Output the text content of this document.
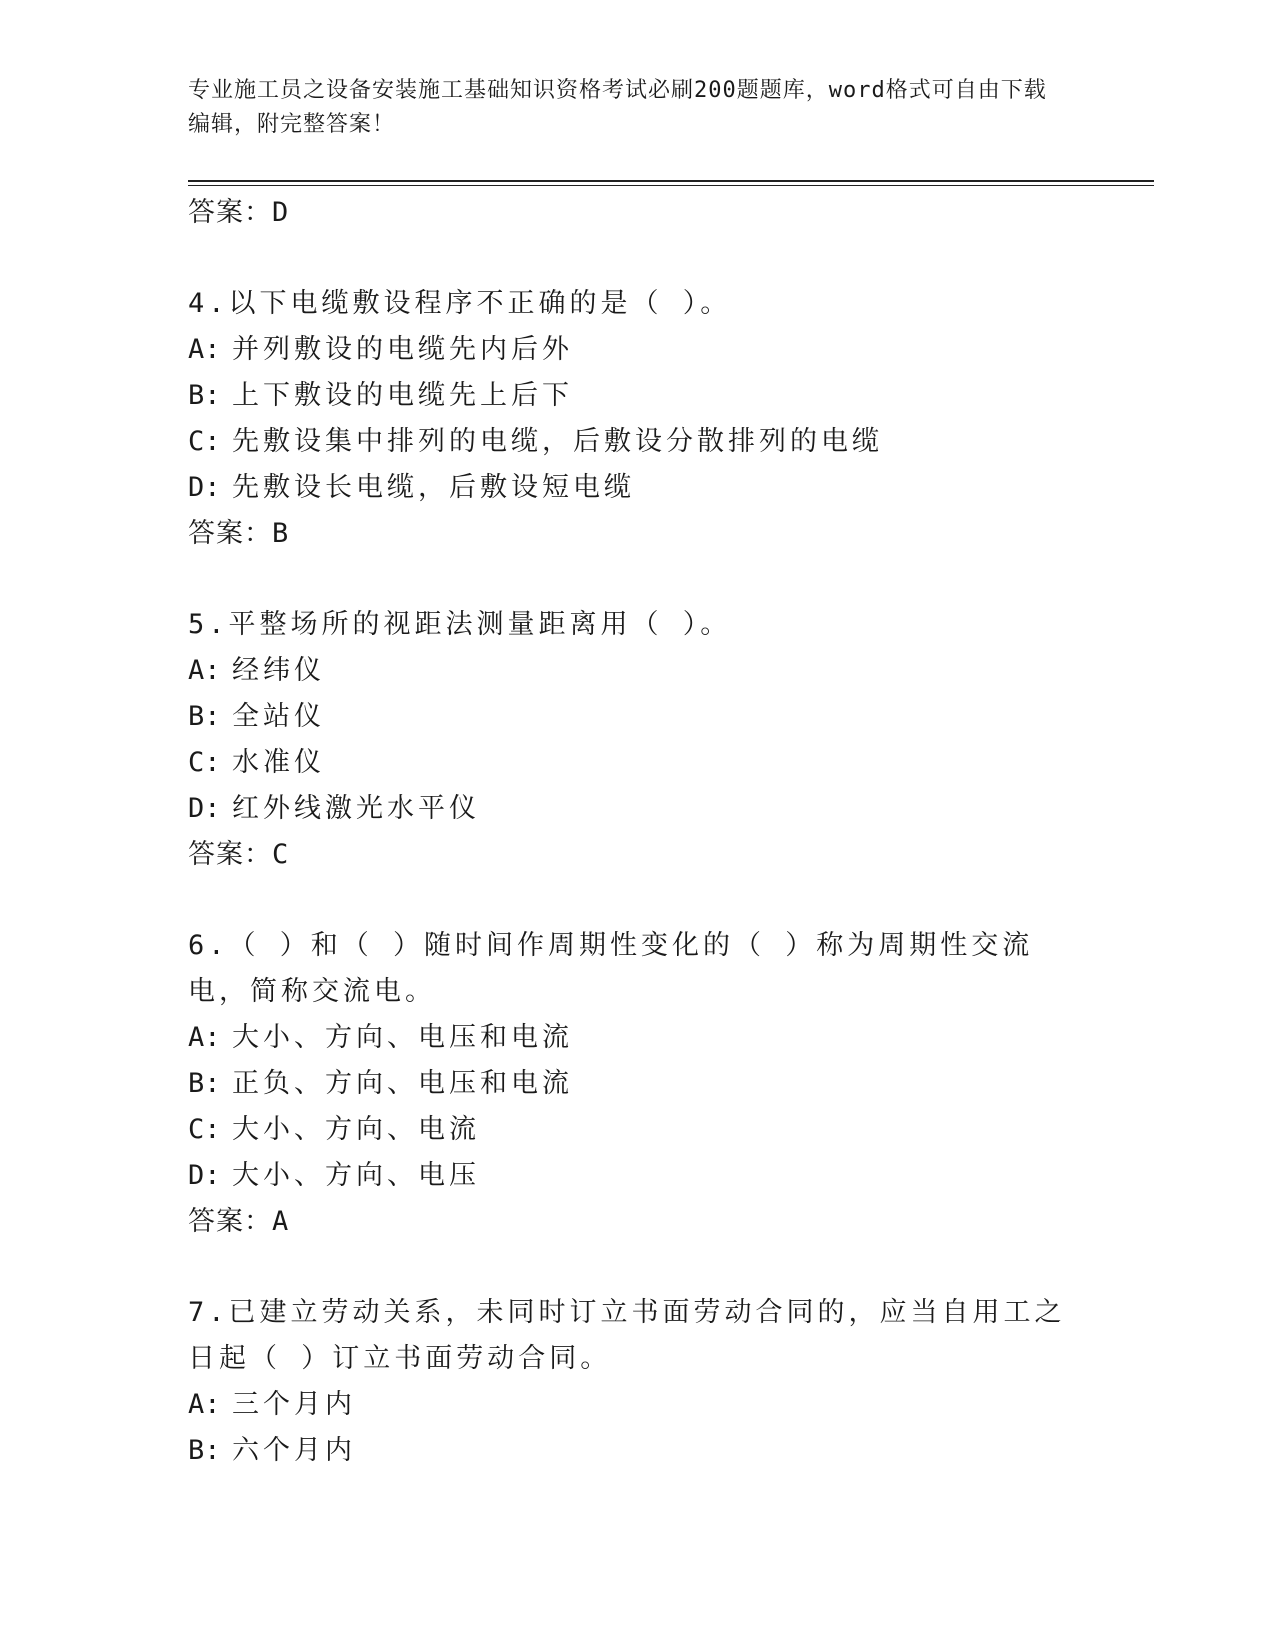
专业施工员之设备安装施工基础知识资格考试必刷200题题库，word格式可自由下载编辑，附完整答案！
答案：D
4.以下电缆敷设程序不正确的是（ ）。
A: 并列敷设的电缆先内后外
B: 上下敷设的电缆先上后下
C: 先敷设集中排列的电缆，后敷设分散排列的电缆
D: 先敷设长电缆，后敷设短电缆
答案：B
5.平整场所的视距法测量距离用（ ）。
A: 经纬仪
B: 全站仪
C: 水准仪
D: 红外线激光水平仪
答案：C
6.（ ）和（ ）随时间作周期性变化的（ ）称为周期性交流电，简称交流电。
A: 大小、方向、电压和电流
B: 正负、方向、电压和电流
C: 大小、方向、电流
D: 大小、方向、电压
答案：A
7.已建立劳动关系，未同时订立书面劳动合同的，应当自用工之日起（ ）订立书面劳动合同。
A: 三个月内
B: 六个月内
